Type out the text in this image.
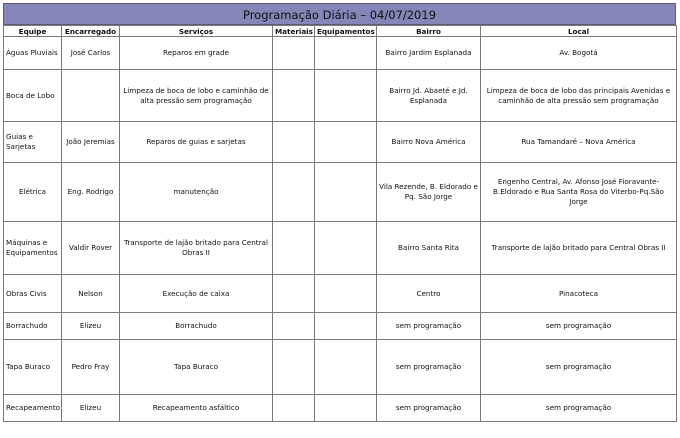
Programação Diária – 04/07/2019
Equipe	Encarregado	Serviços	Materiais	Equipamentos	Bairro	Local
Águas Pluviais	José Carlos	Reparos em grade			Bairro Jardim Esplanada	Av. Bogotá
Boca de Lobo		Limpeza de boca de lobo e caminhão de alta pressão sem programação			Bairro Jd. Abaeté e Jd. Esplanada	Limpeza de boca de lobo das principais Avenidas e caminhão de alta pressão sem programação
Guias e Sarjetas	João Jeremias	Reparos de guias e sarjetas			Bairro Nova América	Rua Tamandaré – Nova América
Elétrica	Eng. Rodrigo	manutenção			Vila Rezende, B. Eldorado e Pq. São Jorge	Engenho Central, Av. Afonso José Fioravante-B.Eldorado e Rua Santa Rosa do Viterbo-Pq.São Jorge
Máquinas e Equipamentos	Valdir Rover	Transporte de lajão britado para Central Obras II			Bairro Santa Rita	Transporte de lajão britado para Central Obras II
Obras Civis	Nelson	Execução de caixa			Centro	Pinacoteca
Borrachudo	Elizeu	Borrachudo			sem programação	sem programação
Tapa Buraco	Pedro Fray	Tapa Buraco			sem programação	sem programação
Recapeamento	Elizeu	Recapeamento asfáltico			sem programação	sem programação
